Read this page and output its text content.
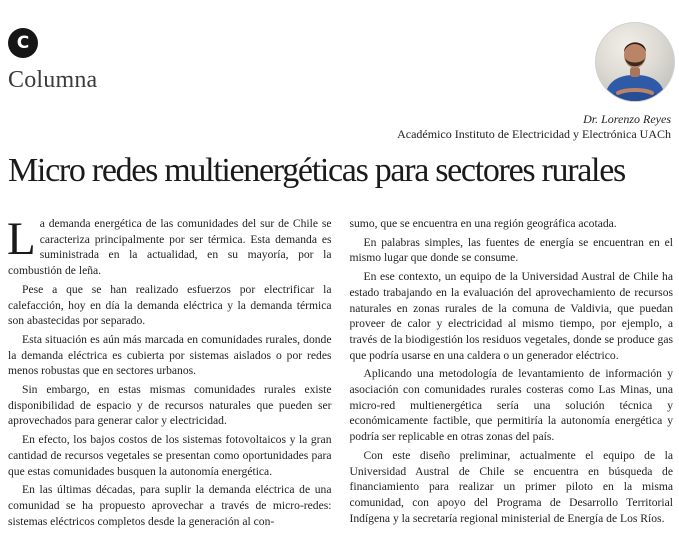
C
Columna
Dr. Lorenzo Reyes
Académico Instituto de Electricidad y Electrónica UACh
Micro redes multienergéticas para sectores rurales

La demanda energética de las comunidades del sur de Chile se caracteriza principalmente por ser térmica. Esta demanda es suministrada en la actualidad, en su mayoría, por la combustión de leña.

Pese a que se han realizado esfuerzos por electrificar la calefacción, hoy en día la demanda eléctrica y la demanda térmica son abastecidas por separado.

Esta situación es aún más marcada en comunidades rurales, donde la demanda eléctrica es cubierta por sistemas aislados o por redes menos robustas que en sectores urbanos.

Sin embargo, en estas mismas comunidades rurales existe disponibilidad de espacio y de recursos naturales que pueden ser aprovechados para generar calor y electricidad.

En efecto, los bajos costos de los sistemas fotovoltaicos y la gran cantidad de recursos vegetales se presentan como oportunidades para que estas comunidades busquen la autonomía energética.

En las últimas décadas, para suplir la demanda eléctrica de una comunidad se ha propuesto aprovechar a través de micro-redes: sistemas eléctricos completos desde la generación al con-

sumo, que se encuentra en una región geográfica acotada.

En palabras simples, las fuentes de energía se encuentran en el mismo lugar que donde se consume.

En ese contexto, un equipo de la Universidad Austral de Chile ha estado trabajando en la evaluación del aprovechamiento de recursos naturales en zonas rurales de la comuna de Valdivia, que puedan proveer de calor y electricidad al mismo tiempo, por ejemplo, a través de la biodigestión los residuos vegetales, donde se produce gas que podría usarse en una caldera o un generador eléctrico.

Aplicando una metodología de levantamiento de información y asociación con comunidades rurales costeras como Las Minas, una micro-red multienergética sería una solución técnica y económicamente factible, que permitiría la autonomía energética y podría ser replicable en otras zonas del país.

Con este diseño preliminar, actualmente el equipo de la Universidad Austral de Chile se encuentra en búsqueda de financiamiento para realizar un primer piloto en la misma comunidad, con apoyo del Programa de Desarrollo Territorial Indígena y la secretaría regional ministerial de Energía de Los Ríos.
